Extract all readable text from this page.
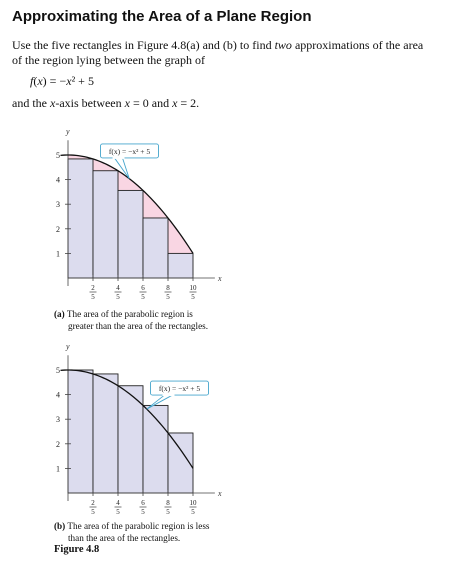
Approximating the Area of a Plane Region
Use the five rectangles in Figure 4.8(a) and (b) to find two approximations of the area
of the region lying between the graph of
f(x) = −x² + 5
and the x-axis between x = 0 and x = 2.
x
y
1
2
3
4
5
2
5
4
5
6
5
8
5
10
5
f(x) = −x² + 5
(a) The area of the parabolic region is
greater than the area of the rectangles.
x
y
1
2
3
4
5
2
5
4
5
6
5
8
5
10
5
f(x) = −x² + 5
(b) The area of the parabolic region is less
than the area of the rectangles.
Figure 4.8
